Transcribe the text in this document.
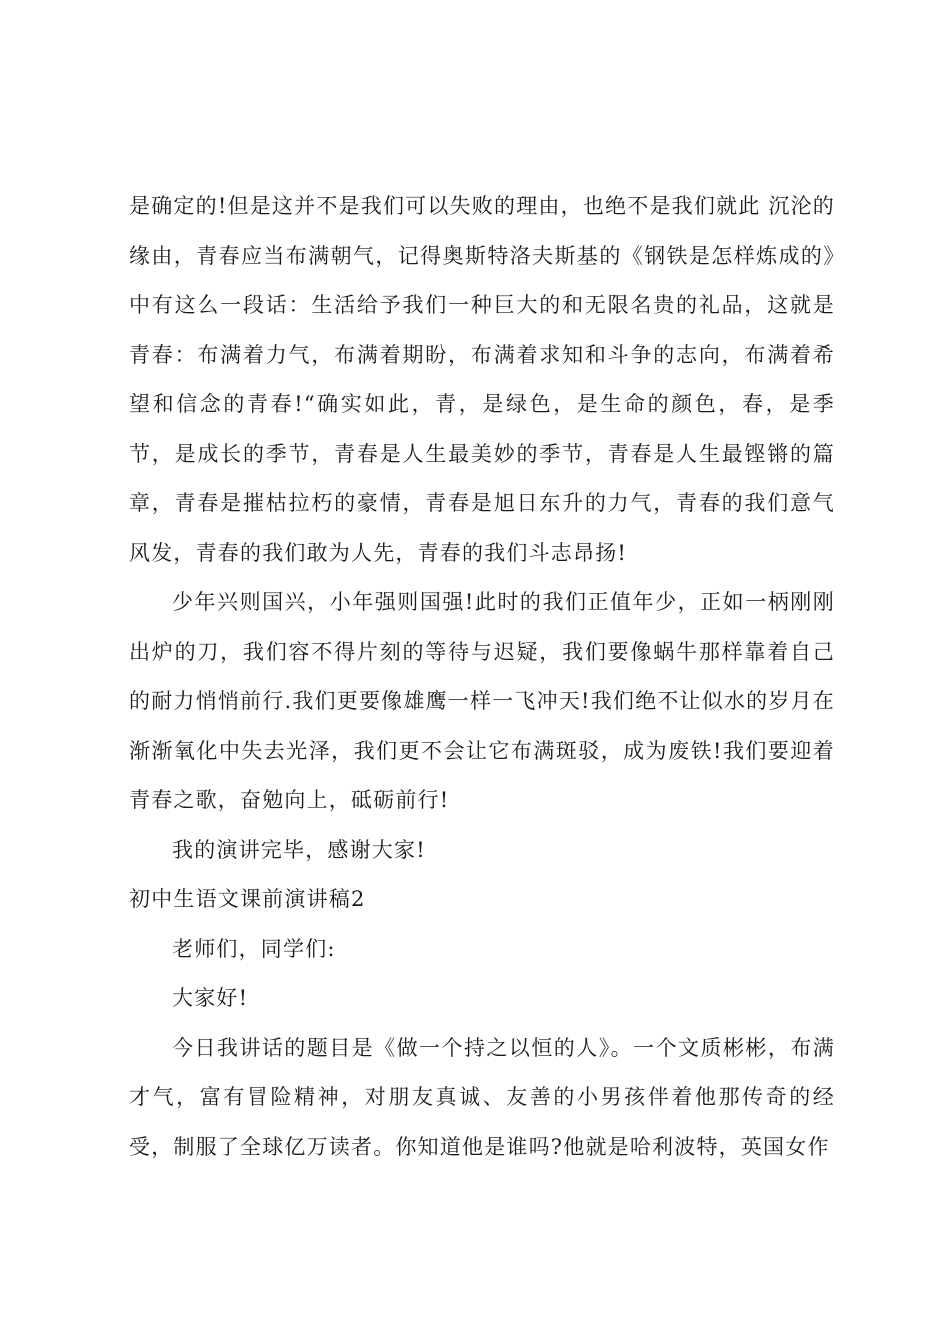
是确定的!但是这并不是我们可以失败的理由，也绝不是我们就此 沉沦的缘由，青春应当布满朝气，记得奥斯特洛夫斯基的《钢铁是怎样炼成的》中有这么一段话：生活给予我们一种巨大的和无限名贵的礼品，这就是青春：布满着力气，布满着期盼，布满着求知和斗争的志向，布满着希望和信念的青春!“确实如此，青，是绿色，是生命的颜色，春，是季节，是成长的季节，青春是人生最美妙的季节，青春是人生最铿锵的篇章，青春是摧枯拉朽的豪情，青春是旭日东升的力气，青春的我们意气风发，青春的我们敢为人先，青春的我们斗志昂扬!

少年兴则国兴，小年强则国强!此时的我们正值年少，正如一柄刚刚出炉的刀，我们容不得片刻的等待与迟疑，我们要像蜗牛那样靠着自己的耐力悄悄前行.我们更要像雄鹰一样一飞冲天!我们绝不让似水的岁月在渐渐氧化中失去光泽，我们更不会让它布满斑驳，成为废铁!我们要迎着青春之歌，奋勉向上，砥砺前行!

我的演讲完毕，感谢大家!

初中生语文课前演讲稿2

老师们，同学们:

大家好!

今日我讲话的题目是《做一个持之以恒的人》。一个文质彬彬，布满才气，富有冒险精神，对朋友真诚、友善的小男孩伴着他那传奇的经受，制服了全球亿万读者。你知道他是谁吗?他就是哈利波特，英国女作
